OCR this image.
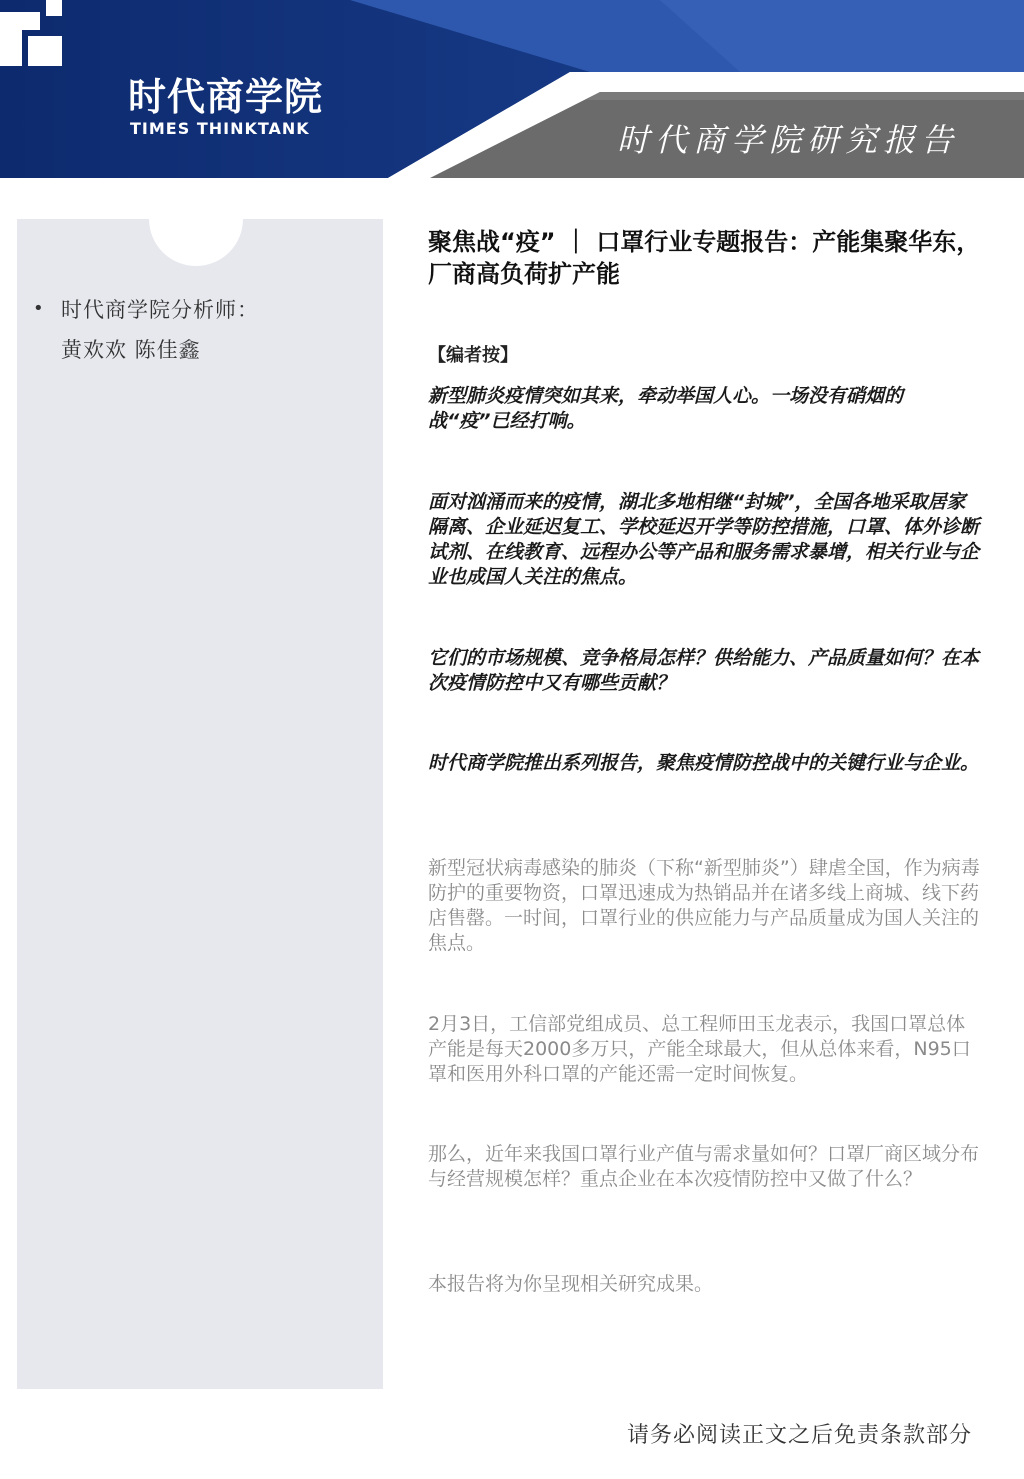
时代商学院
TIMES THINKTANK	时代商学院研究报告
• 时代商学院分析师：
黄欢欢 陈佳鑫
聚焦战“疫” ｜ 口罩行业专题报告：产能集聚华东，厂商高负荷扩产能
【编者按】
新型肺炎疫情突如其来，牵动举国人心。一场没有硝烟的战“疫”已经打响。
面对汹涌而来的疫情，湖北多地相继“封城”，全国各地采取居家隔离、企业延迟复工、学校延迟开学等防控措施，口罩、体外诊断试剂、在线教育、远程办公等产品和服务需求暴增，相关行业与企业也成国人关注的焦点。
它们的市场规模、竞争格局怎样？供给能力、产品质量如何？在本次疫情防控中又有哪些贡献？
时代商学院推出系列报告，聚焦疫情防控战中的关键行业与企业。
新型冠状病毒感染的肺炎（下称“新型肺炎”）肆虐全国，作为病毒防护的重要物资，口罩迅速成为热销品并在诸多线上商城、线下药店售罄。一时间，口罩行业的供应能力与产品质量成为国人关注的焦点。
2月3日，工信部党组成员、总工程师田玉龙表示，我国口罩总体产能是每天2000多万只，产能全球最大，但从总体来看，N95口罩和医用外科口罩的产能还需一定时间恢复。
那么，近年来我国口罩行业产值与需求量如何？口罩厂商区域分布与经营规模怎样？重点企业在本次疫情防控中又做了什么？
本报告将为你呈现相关研究成果。
请务必阅读正文之后免责条款部分
